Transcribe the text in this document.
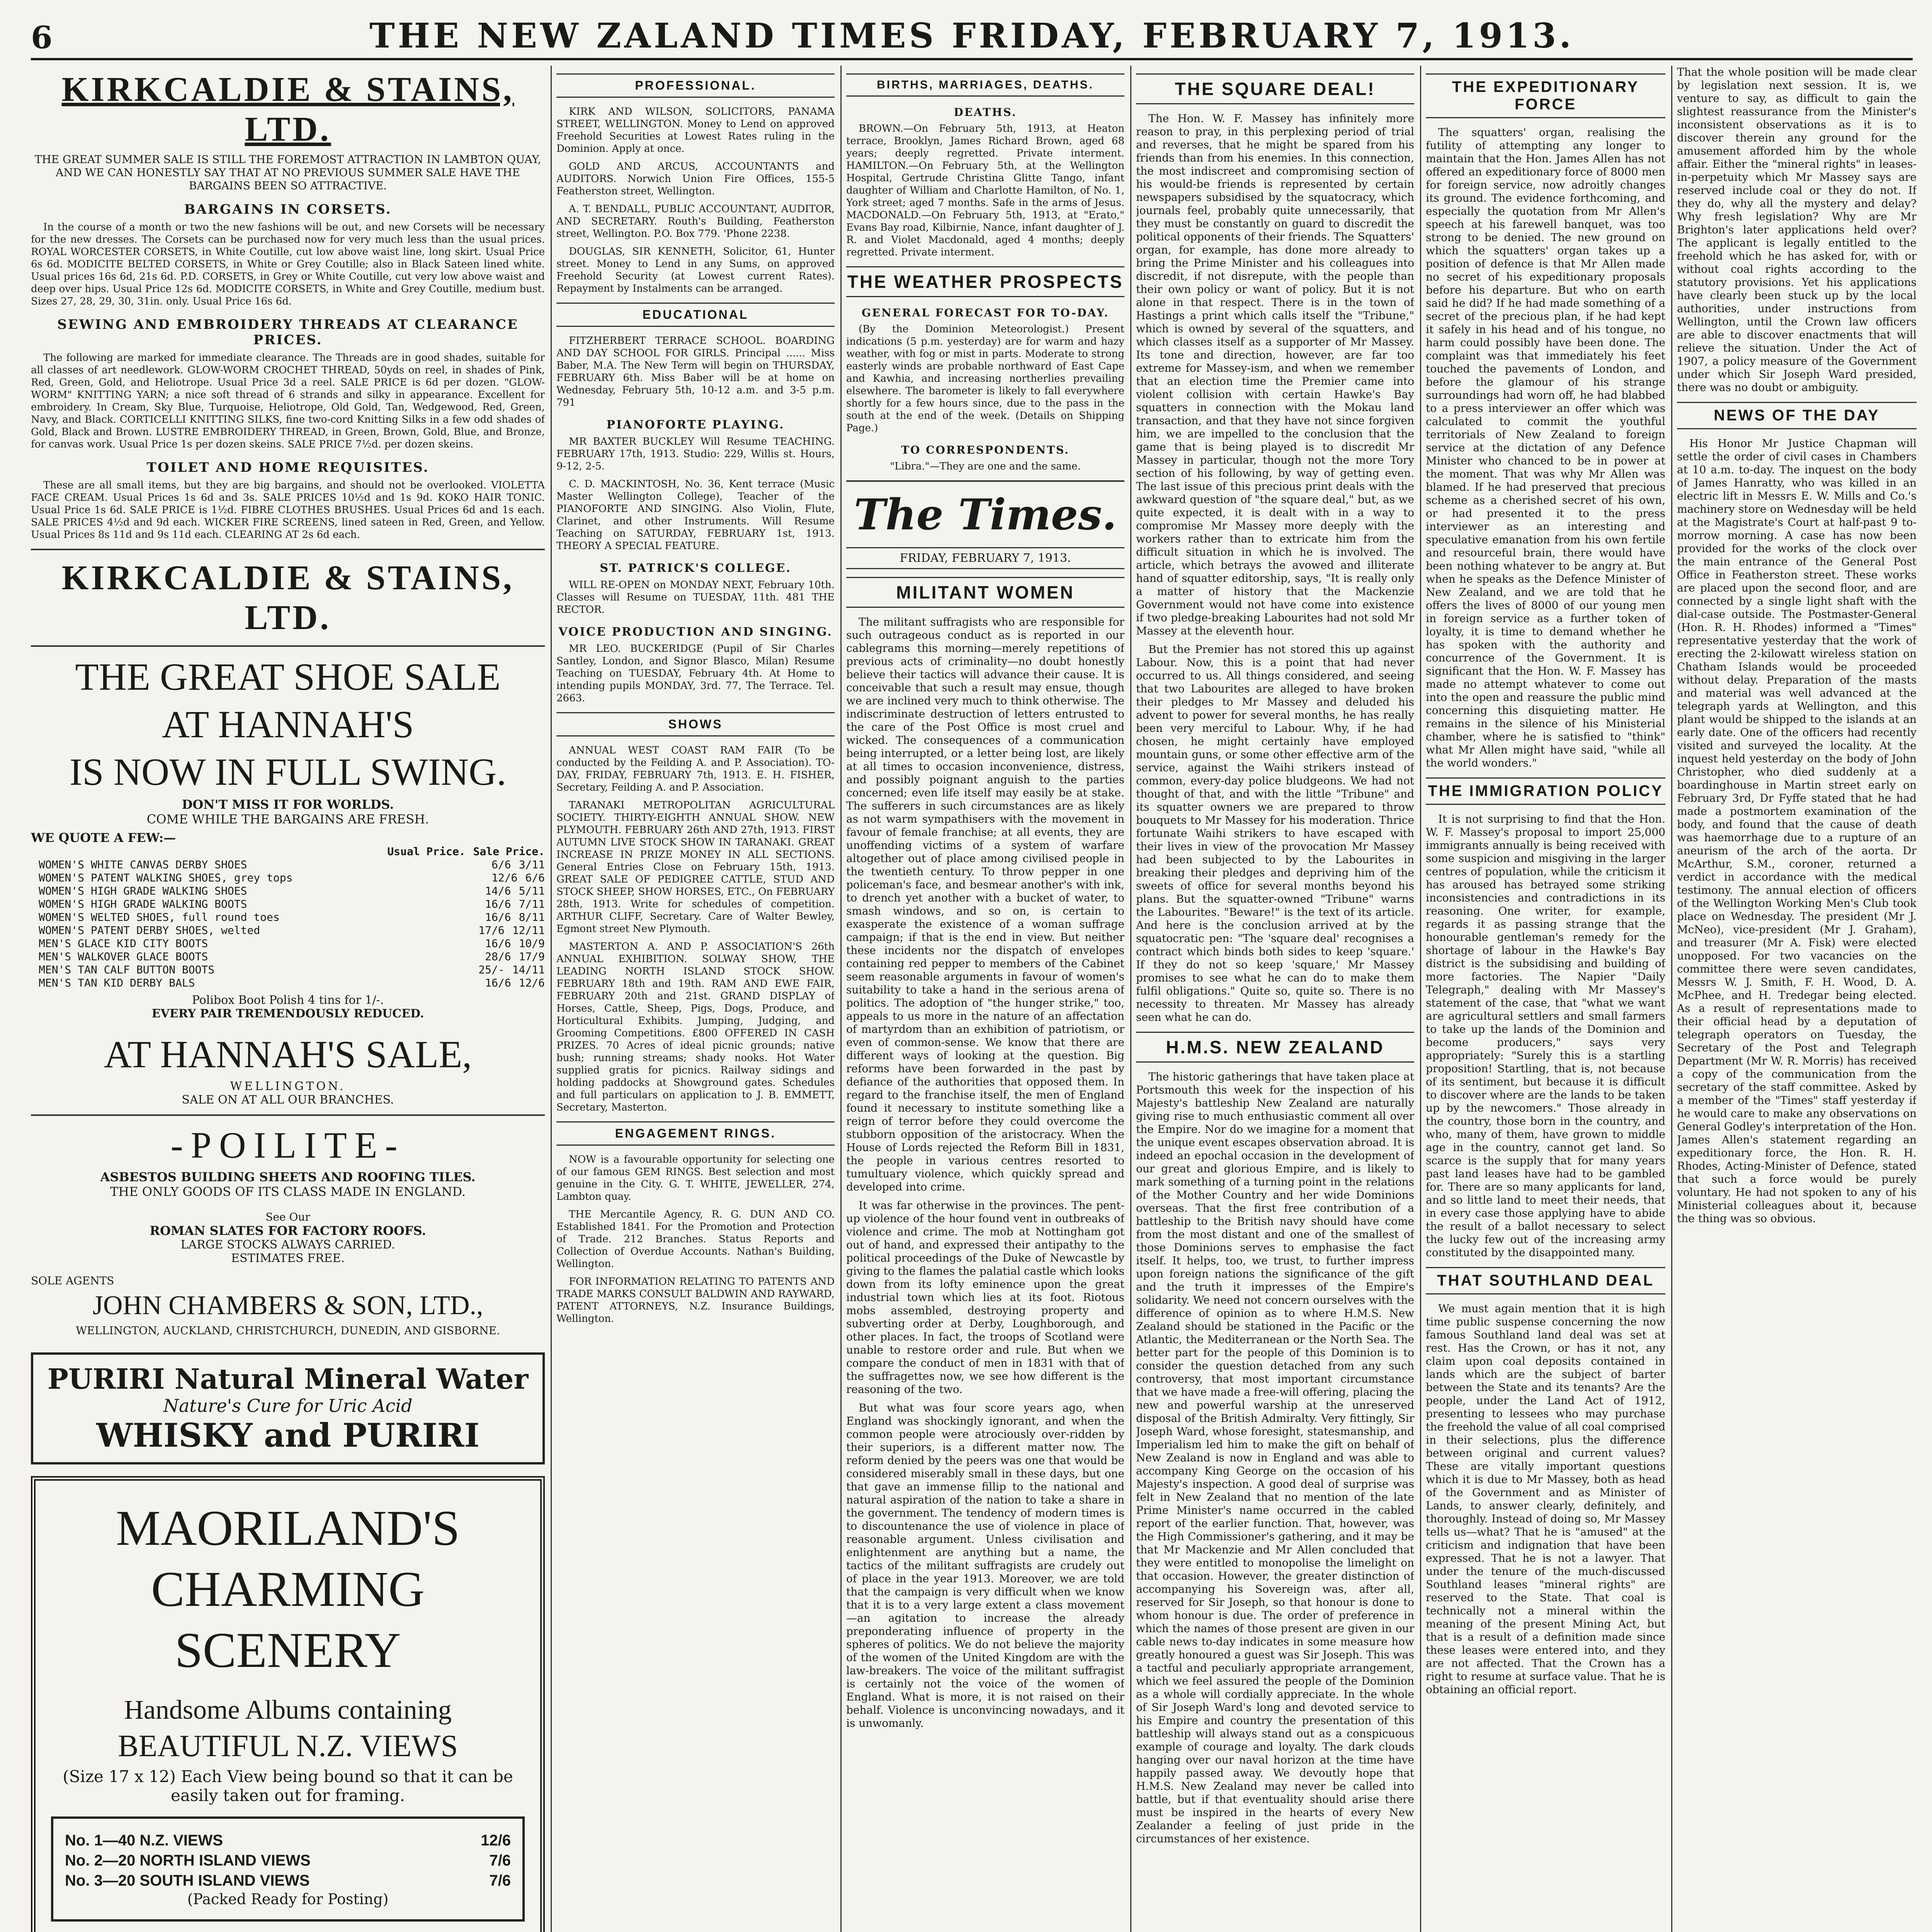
6	THE NEW ZALAND TIMES FRIDAY, FEBRUARY 7, 1913.
KIRKCALDIE & STAINS, LTD.

THE GREAT SUMMER SALE IS STILL THE FOREMOST ATTRACTION IN LAMBTON QUAY, AND WE CAN HONESTLY SAY THAT AT NO PREVIOUS SUMMER SALE HAVE THE BARGAINS BEEN SO ATTRACTIVE.

BARGAINS IN CORSETS.

In the course of a month or two the new fashions will be out, and new Corsets will be necessary for the new dresses. The Corsets can be purchased now for very much less than the usual prices. ROYAL WORCESTER CORSETS, in White Coutille, cut low above waist line, long skirt. Usual Price 6s 6d. MODICITE BELTED CORSETS, in White or Grey Coutille; also in Black Sateen lined white. Usual prices 16s 6d, 21s 6d. P.D. CORSETS, in Grey or White Coutille, cut very low above waist and deep over hips. Usual Price 12s 6d. MODICITE CORSETS, in White and Grey Coutille, medium bust. Sizes 27, 28, 29, 30, 31in. only. Usual Price 16s 6d.

SEWING AND EMBROIDERY THREADS AT CLEARANCE PRICES.

The following are marked for immediate clearance. The Threads are in good shades, suitable for all classes of art needlework. GLOW-WORM CROCHET THREAD, 50yds on reel, in shades of Pink, Red, Green, Gold, and Heliotrope. Usual Price 3d a reel. SALE PRICE is 6d per dozen. "GLOW-WORM" KNITTING YARN; a nice soft thread of 6 strands and silky in appearance. Excellent for embroidery. In Cream, Sky Blue, Turquoise, Heliotrope, Old Gold, Tan, Wedgewood, Red, Green, Navy, and Black. CORTICELLI KNITTING SILKS, fine two-cord Knitting Silks in a few odd shades of Gold, Black and Brown. LUSTRE EMBROIDERY THREAD, in Green, Brown, Gold, Blue, and Bronze, for canvas work. Usual Price 1s per dozen skeins. SALE PRICE 7½d. per dozen skeins.

TOILET AND HOME REQUISITES.

These are all small items, but they are big bargains, and should not be overlooked. VIOLETTA FACE CREAM. Usual Prices 1s 6d and 3s. SALE PRICES 10½d and 1s 9d. KOKO HAIR TONIC. Usual Price 1s 6d. SALE PRICE is 1½d. FIBRE CLOTHES BRUSHES. Usual Prices 6d and 1s each. SALE PRICES 4½d and 9d each. WICKER FIRE SCREENS, lined sateen in Red, Green, and Yellow. Usual Prices 8s 11d and 9s 11d each. CLEARING AT 2s 6d each.

KIRKCALDIE & STAINS, LTD.
THE GREAT SHOE SALE
AT HANNAH'S
IS NOW IN FULL SWING.
DON'T MISS IT FOR WORLDS.
COME WHILE THE BARGAINS ARE FRESH.
WE QUOTE A FEW:—
Usual Price. Sale Price.
WOMEN'S WHITE CANVAS DERBY SHOES	6/6 3/11
WOMEN'S PATENT WALKING SHOES, grey tops	12/6 6/6
WOMEN'S HIGH GRADE WALKING SHOES	14/6 5/11
WOMEN'S HIGH GRADE WALKING BOOTS	16/6 7/11
WOMEN'S WELTED SHOES, full round toes	16/6 8/11
WOMEN'S PATENT DERBY SHOES, welted	17/6 12/11
MEN'S GLACE KID CITY BOOTS	16/6 10/9
MEN'S WALKOVER GLACE BOOTS	28/6 17/9
MEN'S TAN CALF BUTTON BOOTS	25/- 14/11
MEN'S TAN KID DERBY BALS	16/6 12/6
Polibox Boot Polish 4 tins for 1/-.
EVERY PAIR TREMENDOUSLY REDUCED.
AT HANNAH'S SALE,
WELLINGTON.
SALE ON AT ALL OUR BRANCHES.
-POILITE-
ASBESTOS BUILDING SHEETS AND ROOFING TILES.
THE ONLY GOODS OF ITS CLASS MADE IN ENGLAND.
See Our
ROMAN SLATES FOR FACTORY ROOFS.
LARGE STOCKS ALWAYS CARRIED.
ESTIMATES FREE.
SOLE AGENTS
JOHN CHAMBERS & SON, LTD.,
WELLINGTON, AUCKLAND, CHRISTCHURCH, DUNEDIN, AND GISBORNE.
PURIRI Natural Mineral Water
Nature's Cure for Uric Acid
WHISKY and PURIRI
MAORILAND'S
CHARMING
SCENERY
Handsome Albums containing
BEAUTIFUL N.Z. VIEWS
(Size 17 x 12) Each View being bound so that it can be easily taken out for framing.
No. 1—40 N.Z. VIEWS	12/6
No. 2—20 NORTH ISLAND VIEWS	7/6
No. 3—20 SOUTH ISLAND VIEWS	7/6
(Packed Ready for Posting)
PROFESSIONAL.

KIRK AND WILSON, SOLICITORS, PANAMA STREET, WELLINGTON. Money to Lend on approved Freehold Securities at Lowest Rates ruling in the Dominion. Apply at once.

GOLD AND ARCUS, ACCOUNTANTS and AUDITORS. Norwich Union Fire Offices, 155-5 Featherston street, Wellington.

A. T. BENDALL, PUBLIC ACCOUNTANT, AUDITOR, AND SECRETARY. Routh's Building, Featherston street, Wellington. P.O. Box 779. 'Phone 2238.

DOUGLAS, SIR KENNETH, Solicitor, 61, Hunter street. Money to Lend in any Sums, on approved Freehold Security (at Lowest current Rates). Repayment by Instalments can be arranged.

EDUCATIONAL

FITZHERBERT TERRACE SCHOOL. BOARDING AND DAY SCHOOL FOR GIRLS. Principal ...... Miss Baber, M.A. The New Term will begin on THURSDAY, FEBRUARY 6th. Miss Baber will be at home on Wednesday, February 5th, 10-12 a.m. and 3-5 p.m. 791

PIANOFORTE PLAYING.

MR BAXTER BUCKLEY Will Resume TEACHING. FEBRUARY 17th, 1913. Studio: 229, Willis st. Hours, 9-12, 2-5.

C. D. MACKINTOSH, No. 36, Kent terrace (Music Master Wellington College), Teacher of the PIANOFORTE AND SINGING. Also Violin, Flute, Clarinet, and other Instruments. Will Resume Teaching on SATURDAY, FEBRUARY 1st, 1913. THEORY A SPECIAL FEATURE.

ST. PATRICK'S COLLEGE.

WILL RE-OPEN on MONDAY NEXT, February 10th. Classes will Resume on TUESDAY, 11th. 481 THE RECTOR.

VOICE PRODUCTION AND SINGING.

MR LEO. BUCKERIDGE (Pupil of Sir Charles Santley, London, and Signor Blasco, Milan) Resume Teaching on TUESDAY, February 4th. At Home to intending pupils MONDAY, 3rd. 77, The Terrace. Tel. 2663.

SHOWS

ANNUAL WEST COAST RAM FAIR (To be conducted by the Feilding A. and P. Association). TO-DAY, FRIDAY, FEBRUARY 7th, 1913. E. H. FISHER, Secretary, Feilding A. and P. Association.

TARANAKI METROPOLITAN AGRICULTURAL SOCIETY. THIRTY-EIGHTH ANNUAL SHOW. NEW PLYMOUTH. FEBRUARY 26th AND 27th, 1913. FIRST AUTUMN LIVE STOCK SHOW IN TARANAKI. GREAT INCREASE IN PRIZE MONEY IN ALL SECTIONS. General Entries Close on February 15th, 1913. GREAT SALE OF PEDIGREE CATTLE, STUD AND STOCK SHEEP, SHOW HORSES, ETC., On FEBRUARY 28th, 1913. Write for schedules of competition. ARTHUR CLIFF, Secretary. Care of Walter Bewley, Egmont street New Plymouth.

MASTERTON A. AND P. ASSOCIATION'S 26th ANNUAL EXHIBITION. SOLWAY SHOW, THE LEADING NORTH ISLAND STOCK SHOW. FEBRUARY 18th and 19th. RAM AND EWE FAIR, FEBRUARY 20th and 21st. GRAND DISPLAY of Horses, Cattle, Sheep, Pigs, Dogs, Produce, and Horticultural Exhibits. Jumping, Judging, and Grooming Competitions. £800 OFFERED IN CASH PRIZES. 70 Acres of ideal picnic grounds; native bush; running streams; shady nooks. Hot Water supplied gratis for picnics. Railway sidings and holding paddocks at Showground gates. Schedules and full particulars on application to J. B. EMMETT, Secretary, Masterton.

ENGAGEMENT RINGS.

NOW is a favourable opportunity for selecting one of our famous GEM RINGS. Best selection and most genuine in the City. G. T. WHITE, JEWELLER, 274, Lambton quay.

THE Mercantile Agency, R. G. DUN AND CO. Established 1841. For the Promotion and Protection of Trade. 212 Branches. Status Reports and Collection of Overdue Accounts. Nathan's Building, Wellington.

FOR INFORMATION RELATING TO PATENTS AND TRADE MARKS CONSULT BALDWIN AND RAYWARD, PATENT ATTORNEYS, N.Z. Insurance Buildings, Wellington.

BIRTHS, MARRIAGES, DEATHS.
DEATHS.

BROWN.—On February 5th, 1913, at Heaton terrace, Brooklyn, James Richard Brown, aged 68 years; deeply regretted. Private interment. HAMILTON.—On February 5th, at the Wellington Hospital, Gertrude Christina Glitte Tango, infant daughter of William and Charlotte Hamilton, of No. 1, York street; aged 7 months. Safe in the arms of Jesus. MACDONALD.—On February 5th, 1913, at "Erato," Evans Bay road, Kilbirnie, Nance, infant daughter of J. R. and Violet Macdonald, aged 4 months; deeply regretted. Private interment.

THE WEATHER PROSPECTS
GENERAL FORECAST FOR TO-DAY.

(By the Dominion Meteorologist.) Present indications (5 p.m. yesterday) are for warm and hazy weather, with fog or mist in parts. Moderate to strong easterly winds are probable northward of East Cape and Kawhia, and increasing northerlies prevailing elsewhere. The barometer is likely to fall everywhere shortly for a few hours since, due to the pass in the south at the end of the week. (Details on Shipping Page.)

TO CORRESPONDENTS.

"Libra."—They are one and the same.

The Times.
FRIDAY, FEBRUARY 7, 1913.
MILITANT WOMEN

The militant suffragists who are responsible for such outrageous conduct as is reported in our cablegrams this morning—merely repetitions of previous acts of criminality—no doubt honestly believe their tactics will advance their cause. It is conceivable that such a result may ensue, though we are inclined very much to think otherwise. The indiscriminate destruction of letters entrusted to the care of the Post Office is most cruel and wicked. The consequences of a communication being interrupted, or a letter being lost, are likely at all times to occasion inconvenience, distress, and possibly poignant anguish to the parties concerned; even life itself may easily be at stake. The sufferers in such circumstances are as likely as not warm sympathisers with the movement in favour of female franchise; at all events, they are unoffending victims of a system of warfare altogether out of place among civilised people in the twentieth century. To throw pepper in one policeman's face, and besmear another's with ink, to drench yet another with a bucket of water, to smash windows, and so on, is certain to exasperate the existence of a woman suffrage campaign; if that is the end in view. But neither these incidents nor the dispatch of envelopes containing red pepper to members of the Cabinet seem reasonable arguments in favour of women's suitability to take a hand in the serious arena of politics. The adoption of "the hunger strike," too, appeals to us more in the nature of an affectation of martyrdom than an exhibition of patriotism, or even of common-sense. We know that there are different ways of looking at the question. Big reforms have been forwarded in the past by defiance of the authorities that opposed them. In regard to the franchise itself, the men of England found it necessary to institute something like a reign of terror before they could overcome the stubborn opposition of the aristocracy. When the House of Lords rejected the Reform Bill in 1831, the people in various centres resorted to tumultuary violence, which quickly spread and developed into crime.

It was far otherwise in the provinces. The pent-up violence of the hour found vent in outbreaks of violence and crime. The mob at Nottingham got out of hand, and expressed their antipathy to the political proceedings of the Duke of Newcastle by giving to the flames the palatial castle which looks down from its lofty eminence upon the great industrial town which lies at its foot. Riotous mobs assembled, destroying property and subverting order at Derby, Loughborough, and other places. In fact, the troops of Scotland were unable to restore order and rule. But when we compare the conduct of men in 1831 with that of the suffragettes now, we see how different is the reasoning of the two.

But what was four score years ago, when England was shockingly ignorant, and when the common people were atrociously over-ridden by their superiors, is a different matter now. The reform denied by the peers was one that would be considered miserably small in these days, but one that gave an immense fillip to the national and natural aspiration of the nation to take a share in the government. The tendency of modern times is to discountenance the use of violence in place of reasonable argument. Unless civilisation and enlightenment are anything but a name, the tactics of the militant suffragists are crudely out of place in the year 1913. Moreover, we are told that the campaign is very difficult when we know that it is to a very large extent a class movement—an agitation to increase the already preponderating influence of property in the spheres of politics. We do not believe the majority of the women of the United Kingdom are with the law-breakers. The voice of the militant suffragist is certainly not the voice of the women of England. What is more, it is not raised on their behalf. Violence is unconvincing nowadays, and it is unwomanly.

THE SQUARE DEAL!

The Hon. W. F. Massey has infinitely more reason to pray, in this perplexing period of trial and reverses, that he might be spared from his friends than from his enemies. In this connection, the most indiscreet and compromising section of his would-be friends is represented by certain newspapers subsidised by the squatocracy, which journals feel, probably quite unnecessarily, that they must be constantly on guard to discredit the political opponents of their friends. The Squatters' organ, for example, has done more already to bring the Prime Minister and his colleagues into discredit, if not disrepute, with the people than their own policy or want of policy. But it is not alone in that respect. There is in the town of Hastings a print which calls itself the "Tribune," which is owned by several of the squatters, and which classes itself as a supporter of Mr Massey. Its tone and direction, however, are far too extreme for Massey-ism, and when we remember that an election time the Premier came into violent collision with certain Hawke's Bay squatters in connection with the Mokau land transaction, and that they have not since forgiven him, we are impelled to the conclusion that the game that is being played is to discredit Mr Massey in particular, though not the more Tory section of his following, by way of getting even. The last issue of this precious print deals with the awkward question of "the square deal," but, as we quite expected, it is dealt with in a way to compromise Mr Massey more deeply with the workers rather than to extricate him from the difficult situation in which he is involved. The article, which betrays the avowed and illiterate hand of squatter editorship, says, "It is really only a matter of history that the Mackenzie Government would not have come into existence if two pledge-breaking Labourites had not sold Mr Massey at the eleventh hour.

But the Premier has not stored this up against Labour. Now, this is a point that had never occurred to us. All things considered, and seeing that two Labourites are alleged to have broken their pledges to Mr Massey and deluded his advent to power for several months, he has really been very merciful to Labour. Why, if he had chosen, he might certainly have employed mountain guns, or some other effective arm of the service, against the Waihi strikers instead of common, every-day police bludgeons. We had not thought of that, and with the little "Tribune" and its squatter owners we are prepared to throw bouquets to Mr Massey for his moderation. Thrice fortunate Waihi strikers to have escaped with their lives in view of the provocation Mr Massey had been subjected to by the Labourites in breaking their pledges and depriving him of the sweets of office for several months beyond his plans. But the squatter-owned "Tribune" warns the Labourites. "Beware!" is the text of its article. And here is the conclusion arrived at by the squatocratic pen: "The 'square deal' recognises a contract which binds both sides to keep 'square.' If they do not so keep 'square,' Mr Massey promises to see what he can do to make them fulfil obligations." Quite so, quite so. There is no necessity to threaten. Mr Massey has already seen what he can do.

H.M.S. NEW ZEALAND

The historic gatherings that have taken place at Portsmouth this week for the inspection of his Majesty's battleship New Zealand are naturally giving rise to much enthusiastic comment all over the Empire. Nor do we imagine for a moment that the unique event escapes observation abroad. It is indeed an epochal occasion in the development of our great and glorious Empire, and is likely to mark something of a turning point in the relations of the Mother Country and her wide Dominions overseas. That the first free contribution of a battleship to the British navy should have come from the most distant and one of the smallest of those Dominions serves to emphasise the fact itself. It helps, too, we trust, to further impress upon foreign nations the significance of the gift and the truth it impresses of the Empire's solidarity. We need not concern ourselves with the difference of opinion as to where H.M.S. New Zealand should be stationed in the Pacific or the Atlantic, the Mediterranean or the North Sea. The better part for the people of this Dominion is to consider the question detached from any such controversy, that most important circumstance that we have made a free-will offering, placing the new and powerful warship at the unreserved disposal of the British Admiralty. Very fittingly, Sir Joseph Ward, whose foresight, statesmanship, and Imperialism led him to make the gift on behalf of New Zealand is now in England and was able to accompany King George on the occasion of his Majesty's inspection. A good deal of surprise was felt in New Zealand that no mention of the late Prime Minister's name occurred in the cabled report of the earlier function. That, however, was the High Commissioner's gathering, and it may be that Mr Mackenzie and Mr Allen concluded that they were entitled to monopolise the limelight on that occasion. However, the greater distinction of accompanying his Sovereign was, after all, reserved for Sir Joseph, so that honour is done to whom honour is due. The order of preference in which the names of those present are given in our cable news to-day indicates in some measure how greatly honoured a guest was Sir Joseph. This was a tactful and peculiarly appropriate arrangement, which we feel assured the people of the Dominion as a whole will cordially appreciate. In the whole of Sir Joseph Ward's long and devoted service to his Empire and country the presentation of this battleship will always stand out as a conspicuous example of courage and loyalty. The dark clouds hanging over our naval horizon at the time have happily passed away. We devoutly hope that H.M.S. New Zealand may never be called into battle, but if that eventuality should arise there must be inspired in the hearts of every New Zealander a feeling of just pride in the circumstances of her existence.

THE EXPEDITIONARY FORCE

The squatters' organ, realising the futility of attempting any longer to maintain that the Hon. James Allen has not offered an expeditionary force of 8000 men for foreign service, now adroitly changes its ground. The evidence forthcoming, and especially the quotation from Mr Allen's speech at his farewell banquet, was too strong to be denied. The new ground on which the squatters' organ takes up a position of defence is that Mr Allen made no secret of his expeditionary proposals before his departure. But who on earth said he did? If he had made something of a secret of the precious plan, if he had kept it safely in his head and of his tongue, no harm could possibly have been done. The complaint was that immediately his feet touched the pavements of London, and before the glamour of his strange surroundings had worn off, he had blabbed to a press interviewer an offer which was calculated to commit the youthful territorials of New Zealand to foreign service at the dictation of any Defence Minister who chanced to be in power at the moment. That was why Mr Allen was blamed. If he had preserved that precious scheme as a cherished secret of his own, or had presented it to the press interviewer as an interesting and speculative emanation from his own fertile and resourceful brain, there would have been nothing whatever to be angry at. But when he speaks as the Defence Minister of New Zealand, and we are told that he offers the lives of 8000 of our young men in foreign service as a further token of loyalty, it is time to demand whether he has spoken with the authority and concurrence of the Government. It is significant that the Hon. W. F. Massey has made no attempt whatever to come out into the open and reassure the public mind concerning this disquieting matter. He remains in the silence of his Ministerial chamber, where he is satisfied to "think" what Mr Allen might have said, "while all the world wonders."

THE IMMIGRATION POLICY

It is not surprising to find that the Hon. W. F. Massey's proposal to import 25,000 immigrants annually is being received with some suspicion and misgiving in the larger centres of population, while the criticism it has aroused has betrayed some striking inconsistencies and contradictions in its reasoning. One writer, for example, regards it as passing strange that the honourable gentleman's remedy for the shortage of labour in the Hawke's Bay district is the subsidising and building of more factories. The Napier "Daily Telegraph," dealing with Mr Massey's statement of the case, that "what we want are agricultural settlers and small farmers to take up the lands of the Dominion and become producers," says very appropriately: "Surely this is a startling proposition! Startling, that is, not because of its sentiment, but because it is difficult to discover where are the lands to be taken up by the newcomers." Those already in the country, those born in the country, and who, many of them, have grown to middle age in the country, cannot get land. So scarce is the supply that for many years past land leases have had to be gambled for. There are so many applicants for land, and so little land to meet their needs, that in every case those applying have to abide the result of a ballot necessary to select the lucky few out of the increasing army constituted by the disappointed many.

THAT SOUTHLAND DEAL

We must again mention that it is high time public suspense concerning the now famous Southland land deal was set at rest. Has the Crown, or has it not, any claim upon coal deposits contained in lands which are the subject of barter between the State and its tenants? Are the people, under the Land Act of 1912, presenting to lessees who may purchase the freehold the value of all coal comprised in their selections, plus the difference between original and current values? These are vitally important questions which it is due to Mr Massey, both as head of the Government and as Minister of Lands, to answer clearly, definitely, and thoroughly. Instead of doing so, Mr Massey tells us—what? That he is "amused" at the criticism and indignation that have been expressed. That he is not a lawyer. That under the tenure of the much-discussed Southland leases "mineral rights" are reserved to the State. That coal is technically not a mineral within the meaning of the present Mining Act, but that is a result of a definition made since these leases were entered into, and they are not affected. That the Crown has a right to resume at surface value. That he is obtaining an official report.

That the whole position will be made clear by legislation next session. It is, we venture to say, as difficult to gain the slightest reassurance from the Minister's inconsistent observations as it is to discover therein any ground for the amusement afforded him by the whole affair. Either the "mineral rights" in leases-in-perpetuity which Mr Massey says are reserved include coal or they do not. If they do, why all the mystery and delay? Why fresh legislation? Why are Mr Brighton's later applications held over? The applicant is legally entitled to the freehold which he has asked for, with or without coal rights according to the statutory provisions. Yet his applications have clearly been stuck up by the local authorities, under instructions from Wellington, until the Crown law officers are able to discover enactments that will relieve the situation. Under the Act of 1907, a policy measure of the Government under which Sir Joseph Ward presided, there was no doubt or ambiguity.

NEWS OF THE DAY

His Honor Mr Justice Chapman will settle the order of civil cases in Chambers at 10 a.m. to-day. The inquest on the body of James Hanratty, who was killed in an electric lift in Messrs E. W. Mills and Co.'s machinery store on Wednesday will be held at the Magistrate's Court at half-past 9 to-morrow morning. A case has now been provided for the works of the clock over the main entrance of the General Post Office in Featherston street. These works are placed upon the second floor, and are connected by a single light shaft with the dial-case outside. The Postmaster-General (Hon. R. H. Rhodes) informed a "Times" representative yesterday that the work of erecting the 2-kilowatt wireless station on Chatham Islands would be proceeded without delay. Preparation of the masts and material was well advanced at the telegraph yards at Wellington, and this plant would be shipped to the islands at an early date. One of the officers had recently visited and surveyed the locality. At the inquest held yesterday on the body of John Christopher, who died suddenly at a boardinghouse in Martin street early on February 3rd, Dr Fyffe stated that he had made a postmortem examination of the body, and found that the cause of death was haemorrhage due to a rupture of an aneurism of the arch of the aorta. Dr McArthur, S.M., coroner, returned a verdict in accordance with the medical testimony. The annual election of officers of the Wellington Working Men's Club took place on Wednesday. The president (Mr J. McNeo), vice-president (Mr J. Graham), and treasurer (Mr A. Fisk) were elected unopposed. For two vacancies on the committee there were seven candidates, Messrs W. J. Smith, F. H. Wood, D. A. McPhee, and H. Tredegar being elected. As a result of representations made to their official head by a deputation of telegraph operators on Tuesday, the Secretary of the Post and Telegraph Department (Mr W. R. Morris) has received a copy of the communication from the secretary of the staff committee. Asked by a member of the "Times" staff yesterday if he would care to make any observations on General Godley's interpretation of the Hon. James Allen's statement regarding an expeditionary force, the Hon. R. H. Rhodes, Acting-Minister of Defence, stated that such a force would be purely voluntary. He had not spoken to any of his Ministerial colleagues about it, because the thing was so obvious.
